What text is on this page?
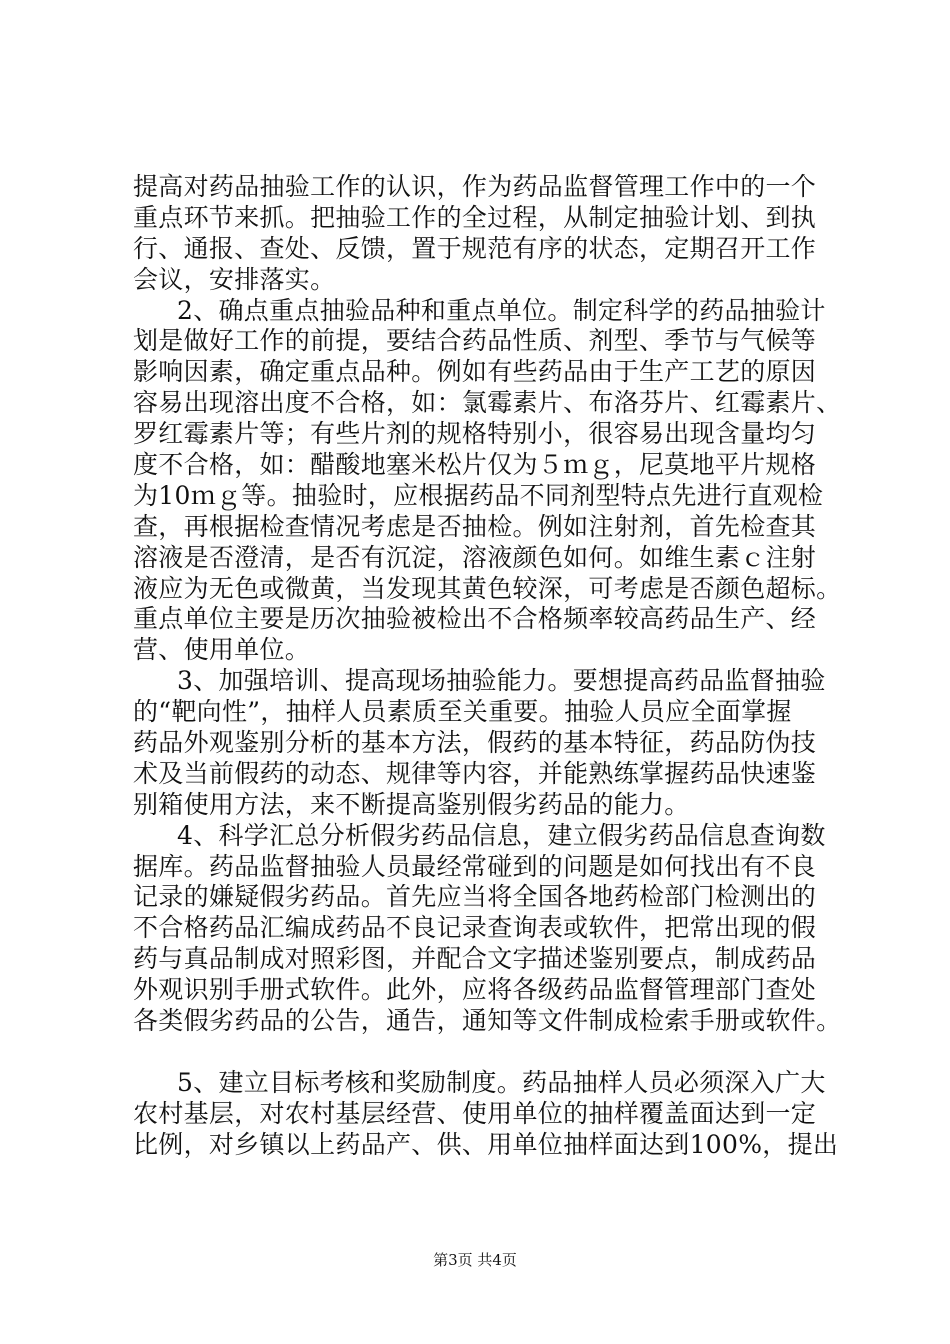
提高对药品抽验工作的认识，作为药品监督管理工作中的一个
重点环节来抓。把抽验工作的全过程，从制定抽验计划、到执
行、通报、查处、反馈，置于规范有序的状态，定期召开工作
会议，安排落实。
2、确点重点抽验品种和重点单位。制定科学的药品抽验计
划是做好工作的前提，要结合药品性质、剂型、季节与气候等
影响因素，确定重点品种。例如有些药品由于生产工艺的原因
容易出现溶出度不合格，如：氯霉素片、布洛芬片、红霉素片、
罗红霉素片等；有些片剂的规格特别小，很容易出现含量均匀
度不合格，如：醋酸地塞米松片仅为５ｍｇ，尼莫地平片规格
为10ｍｇ等。抽验时，应根据药品不同剂型特点先进行直观检
查，再根据检查情况考虑是否抽检。例如注射剂，首先检查其
溶液是否澄清，是否有沉淀，溶液颜色如何。如维生素ｃ注射
液应为无色或微黄，当发现其黄色较深，可考虑是否颜色超标。
重点单位主要是历次抽验被检出不合格频率较高药品生产、经
营、使用单位。
3、加强培训、提高现场抽验能力。要想提高药品监督抽验
的“靶向性”，抽样人员素质至关重要。抽验人员应全面掌握
药品外观鉴别分析的基本方法，假药的基本特征，药品防伪技
术及当前假药的动态、规律等内容，并能熟练掌握药品快速鉴
别箱使用方法，来不断提高鉴别假劣药品的能力。
4、科学汇总分析假劣药品信息，建立假劣药品信息查询数
据库。药品监督抽验人员最经常碰到的问题是如何找出有不良
记录的嫌疑假劣药品。首先应当将全国各地药检部门检测出的
不合格药品汇编成药品不良记录查询表或软件，把常出现的假
药与真品制成对照彩图，并配合文字描述鉴别要点，制成药品
外观识别手册式软件。此外，应将各级药品监督管理部门查处
各类假劣药品的公告，通告，通知等文件制成检索手册或软件。
5、建立目标考核和奖励制度。药品抽样人员必须深入广大
农村基层，对农村基层经营、使用单位的抽样覆盖面达到一定
比例，对乡镇以上药品产、供、用单位抽样面达到100%，提出
第3页 共4页
